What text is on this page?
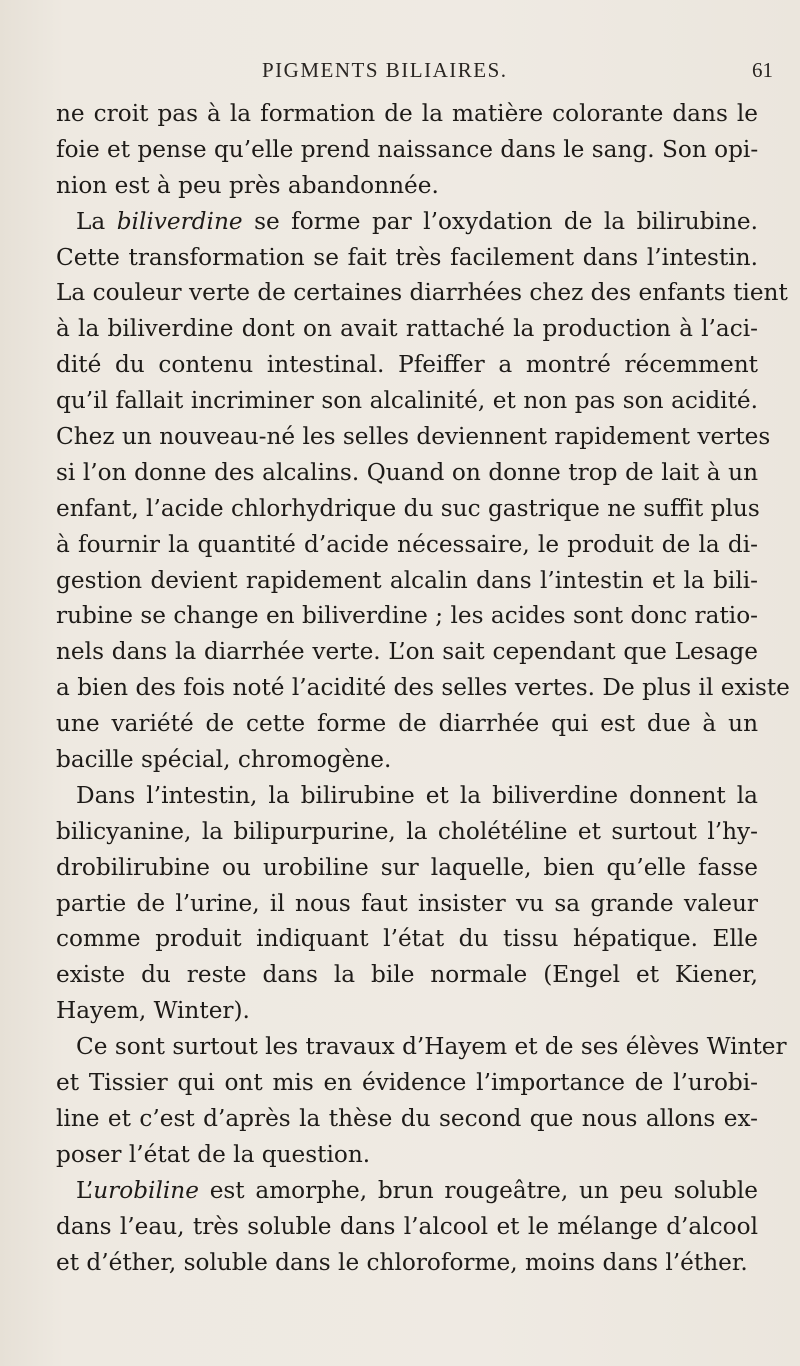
PIGMENTS BILIAIRES.	61
ne croit pas à la formation de la matière colorante dans le
foie et pense qu’elle prend naissance dans le sang. Son opi-
nion est à peu près abandonnée.
La biliverdine se forme par l’oxydation de la bilirubine.
Cette transformation se fait très facilement dans l’intestin.
La couleur verte de certaines diarrhées chez des enfants tient
à la biliverdine dont on avait rattaché la production à l’aci-
dité du contenu intestinal. Pfeiffer a montré récemment
qu’il fallait incriminer son alcalinité, et non pas son acidité.
Chez un nouveau-né les selles deviennent rapidement vertes
si l’on donne des alcalins. Quand on donne trop de lait à un
enfant, l’acide chlorhydrique du suc gastrique ne suffit plus
à fournir la quantité d’acide nécessaire, le produit de la di-
gestion devient rapidement alcalin dans l’intestin et la bili-
rubine se change en biliverdine ; les acides sont donc ratio-
nels dans la diarrhée verte. L’on sait cependant que Lesage
a bien des fois noté l’acidité des selles vertes. De plus il existe
une variété de cette forme de diarrhée qui est due à un
bacille spécial, chromogène.
Dans l’intestin, la bilirubine et la biliverdine donnent la
bilicyanine, la bilipurpurine, la cholétéline et surtout l’hy-
drobilirubine ou urobiline sur laquelle, bien qu’elle fasse
partie de l’urine, il nous faut insister vu sa grande valeur
comme produit indiquant l’état du tissu hépatique. Elle
existe du reste dans la bile normale (Engel et Kiener,
Hayem, Winter).
Ce sont surtout les travaux d’Hayem et de ses élèves Winter
et Tissier qui ont mis en évidence l’importance de l’urobi-
line et c’est d’après la thèse du second que nous allons ex-
poser l’état de la question.
L’urobiline est amorphe, brun rougeâtre, un peu soluble
dans l’eau, très soluble dans l’alcool et le mélange d’alcool
et d’éther, soluble dans le chloroforme, moins dans l’éther.
